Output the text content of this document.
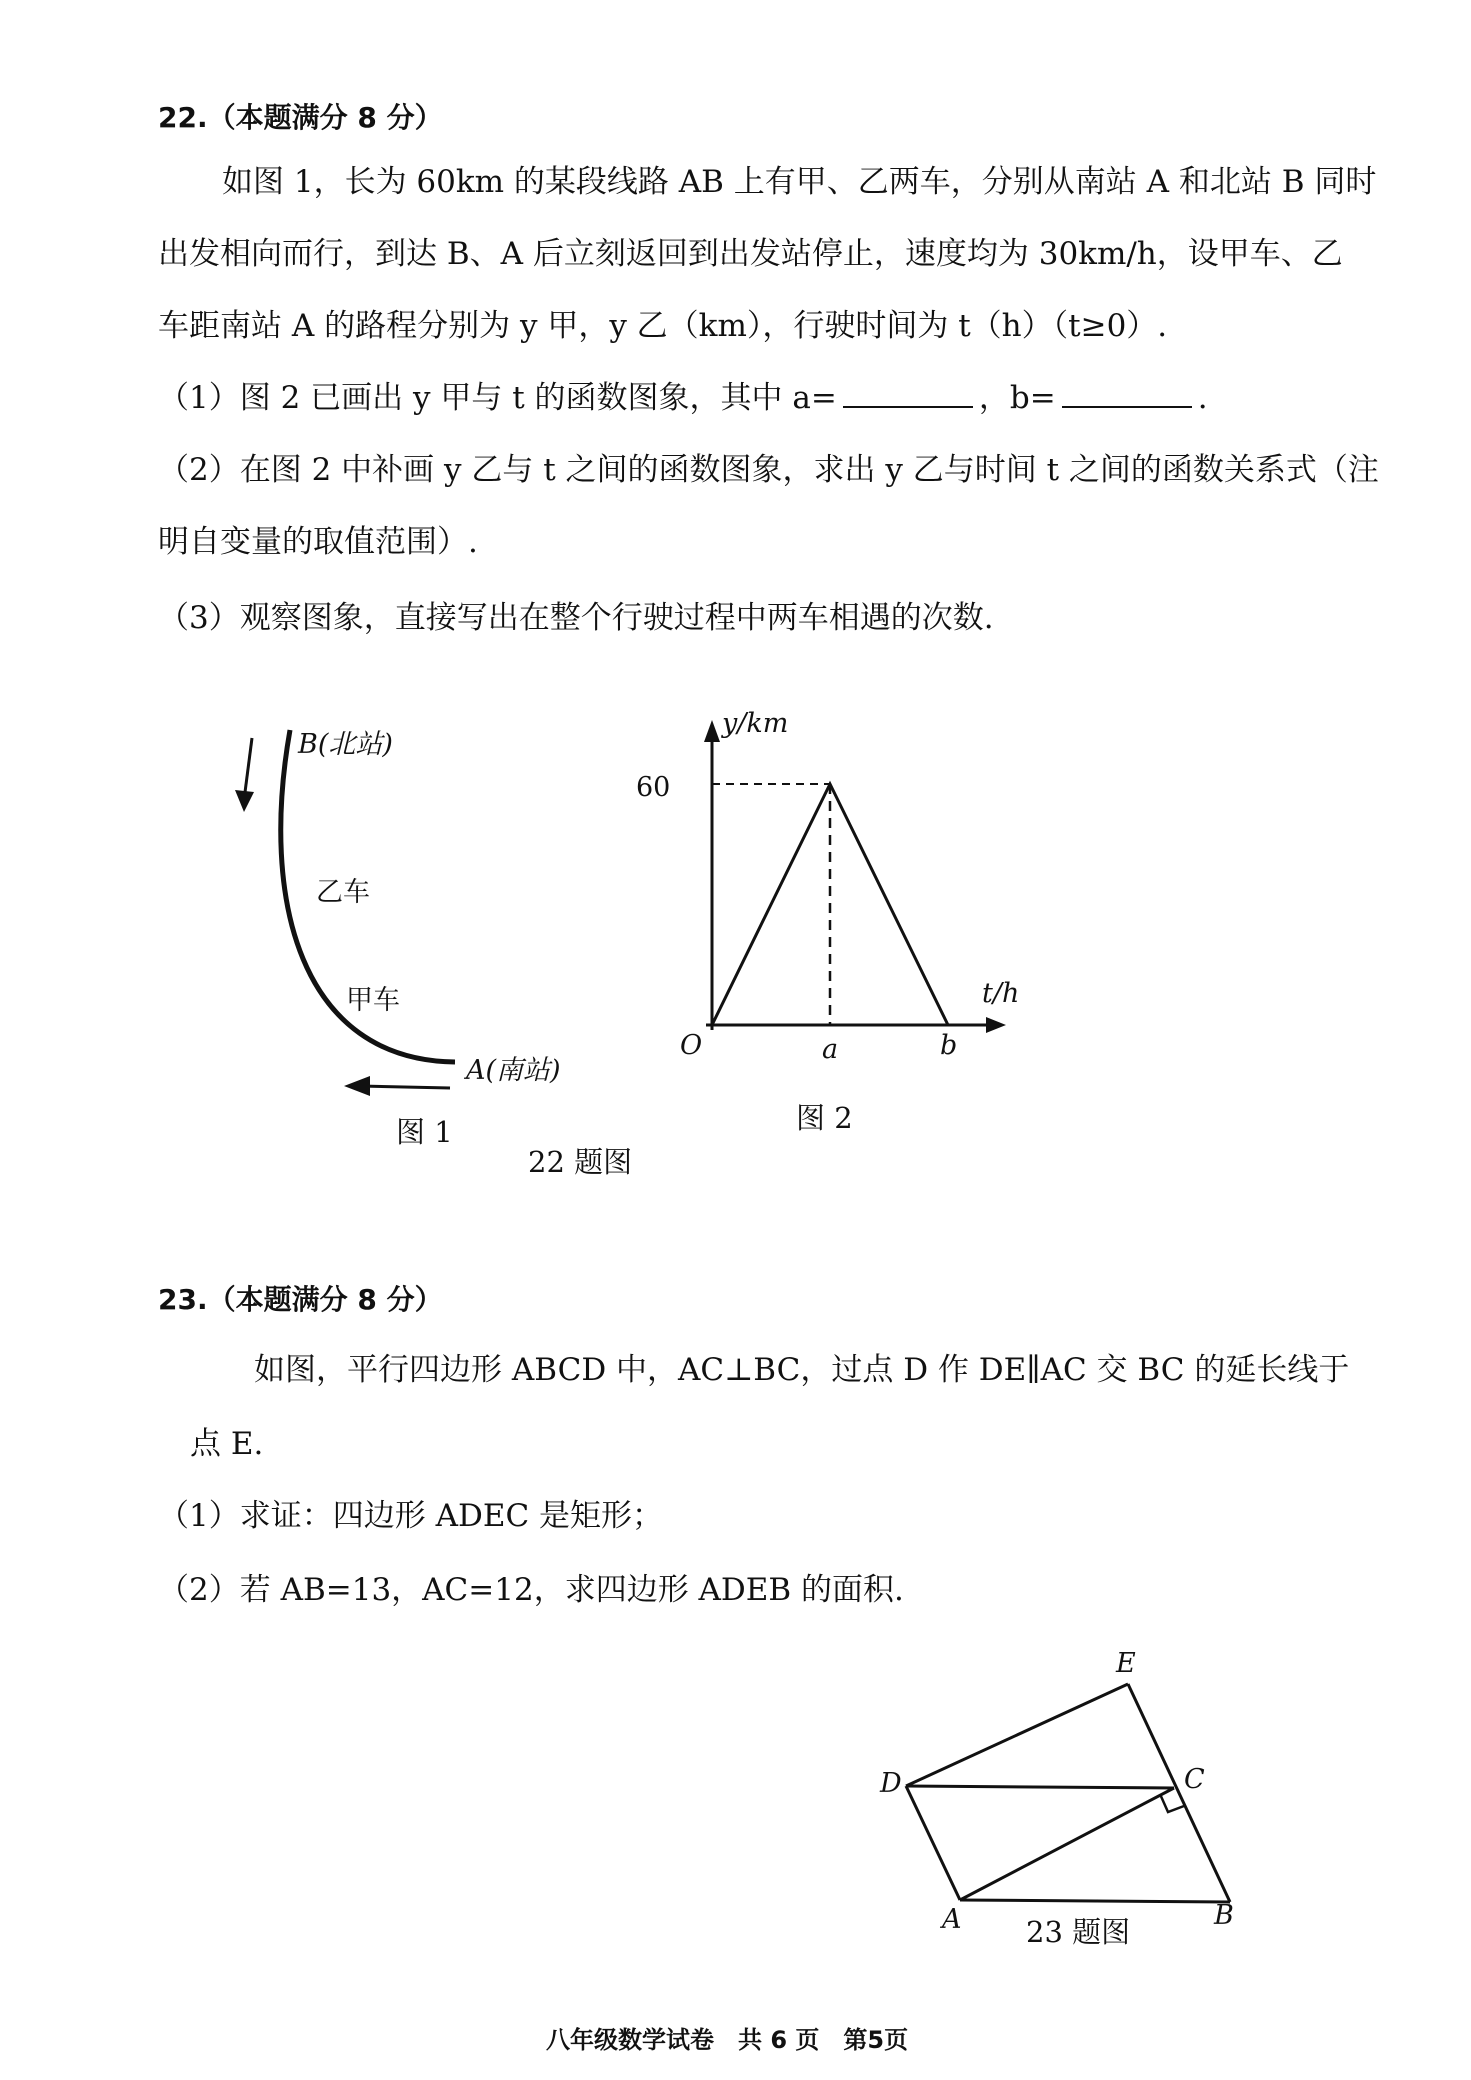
22.（本题满分 8 分）
如图 1，长为 60km 的某段线路 AB 上有甲、乙两车，分别从南站 A 和北站 B 同时
出发相向而行，到达 B、A 后立刻返回到出发站停止，速度均为 30km/h，设甲车、乙
车距南站 A 的路程分别为 y 甲，y 乙（km），行驶时间为 t（h）（t≥0）.
（1）图 2 已画出 y 甲与 t 的函数图象，其中 a=	，b=	.
（2）在图 2 中补画 y 乙与 t 之间的函数图象，求出 y 乙与时间 t 之间的函数关系式（注
明自变量的取值范围）.
（3）观察图象，直接写出在整个行驶过程中两车相遇的次数.
B(北站)
乙车
甲车
A(南站)
图 1
y/km
60
t/h
O	a	b
图 2
22 题图
23.（本题满分 8 分）
如图，平行四边形 ABCD 中，AC⊥BC，过点 D 作 DE∥AC 交 BC 的延长线于
点 E.
（1）求证：四边形 ADEC 是矩形；
（2）若 AB=13，AC=12，求四边形 ADEB 的面积.
E
D	C
A	B
23 题图
八年级数学试卷　共 6 页　第5页
